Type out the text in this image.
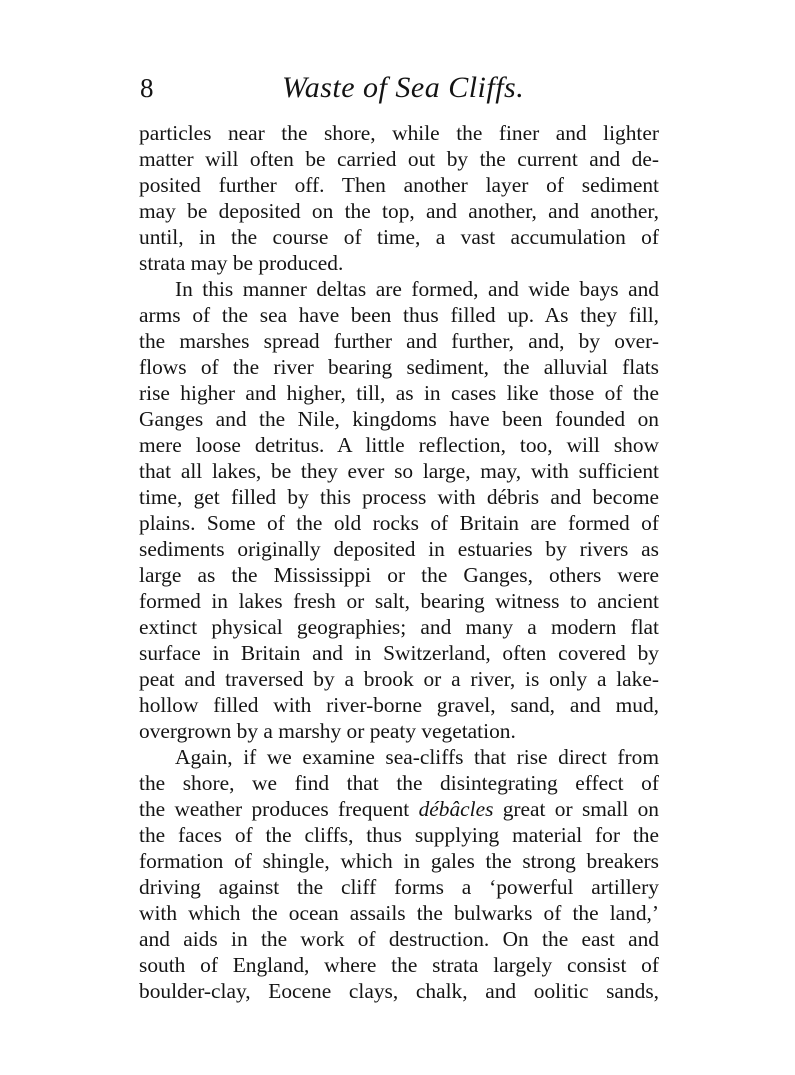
8	Waste of Sea Cliffs.
particles near the shore, while the finer and lighter
matter will often be carried out by the current and de-
posited further off. Then another layer of sediment
may be deposited on the top, and another, and another,
until, in the course of time, a vast accumulation of
strata may be produced.
In this manner deltas are formed, and wide bays and
arms of the sea have been thus filled up. As they fill,
the marshes spread further and further, and, by over-
flows of the river bearing sediment, the alluvial flats
rise higher and higher, till, as in cases like those of the
Ganges and the Nile, kingdoms have been founded on
mere loose detritus. A little reflection, too, will show
that all lakes, be they ever so large, may, with sufficient
time, get filled by this process with débris and become
plains. Some of the old rocks of Britain are formed of
sediments originally deposited in estuaries by rivers as
large as the Mississippi or the Ganges, others were
formed in lakes fresh or salt, bearing witness to ancient
extinct physical geographies; and many a modern flat
surface in Britain and in Switzerland, often covered by
peat and traversed by a brook or a river, is only a lake-
hollow filled with river-borne gravel, sand, and mud,
overgrown by a marshy or peaty vegetation.
Again, if we examine sea-cliffs that rise direct from
the shore, we find that the disintegrating effect of
the weather produces frequent débâcles great or small on
the faces of the cliffs, thus supplying material for the
formation of shingle, which in gales the strong breakers
driving against the cliff forms a ‘powerful artillery
with which the ocean assails the bulwarks of the land,’
and aids in the work of destruction. On the east and
south of England, where the strata largely consist of
boulder-clay, Eocene clays, chalk, and oolitic sands,
